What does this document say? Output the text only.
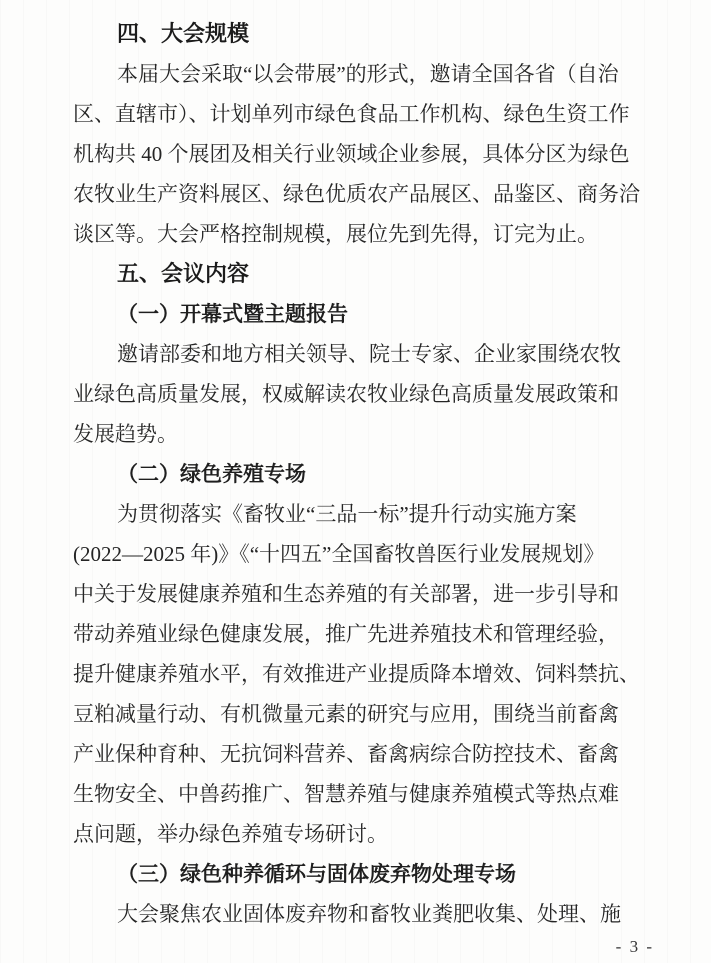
四、大会规模
本届大会采取“以会带展”的形式，邀请全国各省（自治
区、直辖市）、计划单列市绿色食品工作机构、绿色生资工作
机构共 40 个展团及相关行业领域企业参展，具体分区为绿色
农牧业生产资料展区、绿色优质农产品展区、品鉴区、商务洽
谈区等。大会严格控制规模，展位先到先得，订完为止。
五、会议内容
（一）开幕式暨主题报告
邀请部委和地方相关领导、院士专家、企业家围绕农牧
业绿色高质量发展，权威解读农牧业绿色高质量发展政策和
发展趋势。
（二）绿色养殖专场
为贯彻落实《畜牧业“三品一标”提升行动实施方案
(2022—2025 年)》《“十四五”全国畜牧兽医行业发展规划》
中关于发展健康养殖和生态养殖的有关部署，进一步引导和
带动养殖业绿色健康发展，推广先进养殖技术和管理经验，
提升健康养殖水平，有效推进产业提质降本增效、饲料禁抗、
豆粕减量行动、有机微量元素的研究与应用，围绕当前畜禽
产业保种育种、无抗饲料营养、畜禽病综合防控技术、畜禽
生物安全、中兽药推广、智慧养殖与健康养殖模式等热点难
点问题，举办绿色养殖专场研讨。
（三）绿色种养循环与固体废弃物处理专场
大会聚焦农业固体废弃物和畜牧业粪肥收集、处理、施
- 3 -
